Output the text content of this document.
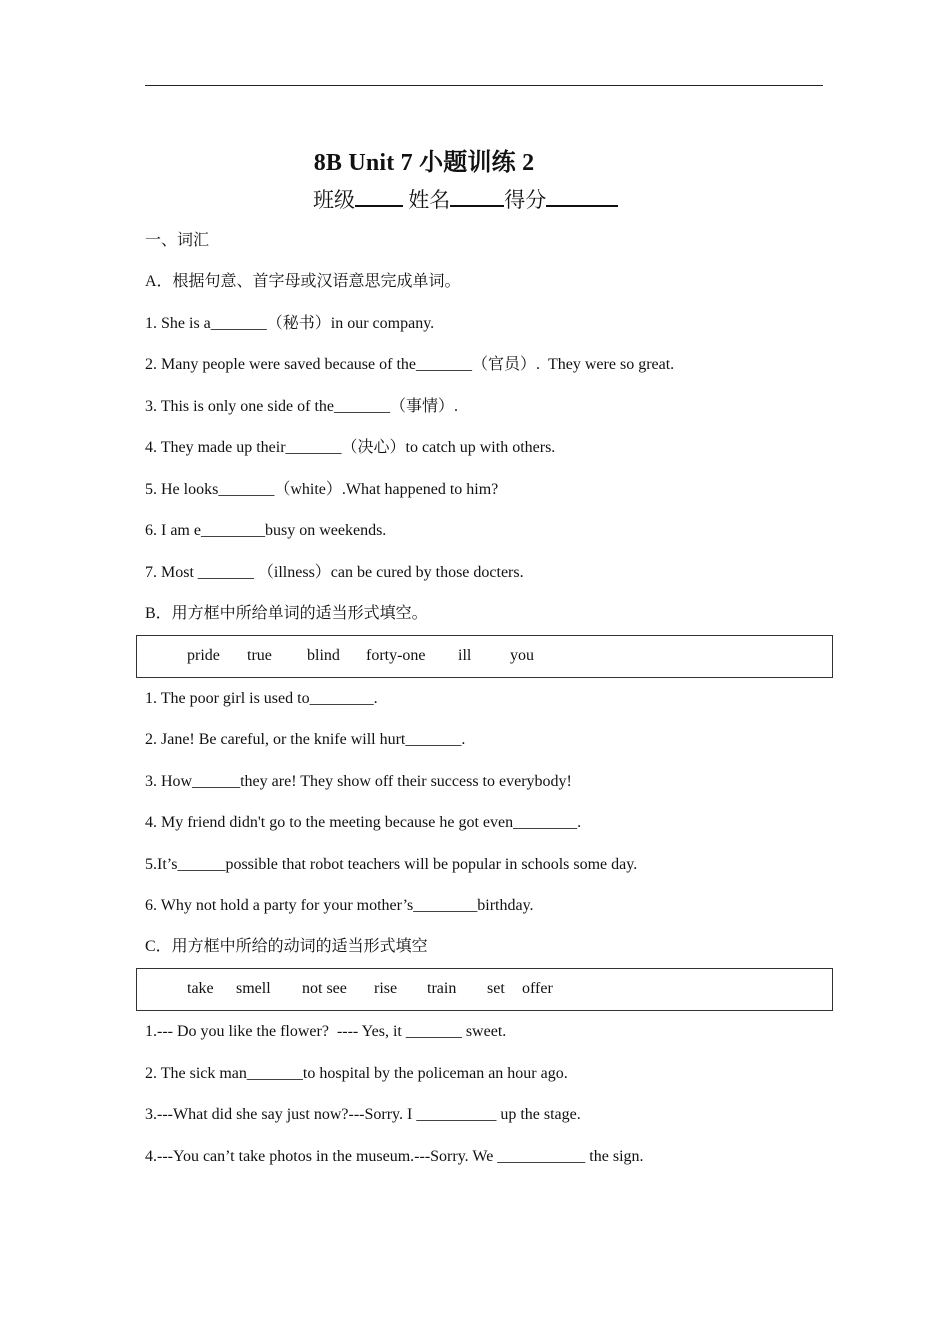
8B Unit 7 小题训练 2
班级	姓名	得分
一、词汇
A．根据句意、首字母或汉语意思完成单词。
1. She is a_______（秘书）in our company.
2. Many people were saved because of the_______（官员）.  They were so great.
3. This is only one side of the_______（事情）.
4. They made up their_______（决心）to catch up with others.
5. He looks_______（white）.What happened to him?
6. I am e________busy on weekends.
7. Most _______ （illness）can be cured by those docters.
B．用方框中所给单词的适当形式填空。
pride true blind forty-one ill you
1. The poor girl is used to________.
2. Jane! Be careful, or the knife will hurt_______.
3. How______they are! They show off their success to everybody!
4. My friend didn't go to the meeting because he got even________.
5.It’s______possible that robot teachers will be popular in schools some day.
6. Why not hold a party for your mother’s________birthday.
C．用方框中所给的动词的适当形式填空
take smell not see rise train set offer
1.--- Do you like the flower?  ---- Yes, it _______ sweet.
2. The sick man_______to hospital by the policeman an hour ago.
3.---What did she say just now?---Sorry. I __________ up the stage.
4.---You can’t take photos in the museum.---Sorry. We ___________ the sign.
